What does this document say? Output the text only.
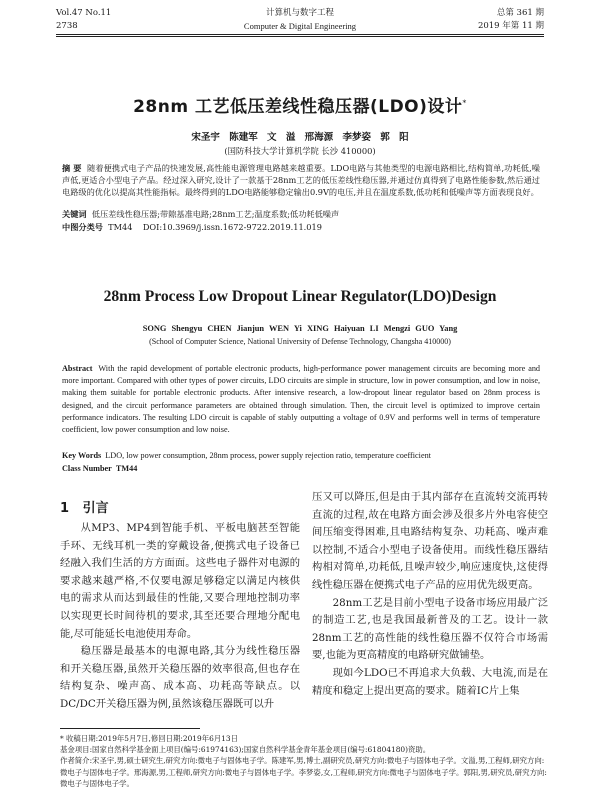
Vol.47 No.11
2738
计算机与数字工程
Computer & Digital Engineering
总第 361 期
2019 年第 11 期
28nm 工艺低压差线性稳压器(LDO)设计*
宋圣宇 陈建军 文 溢 邢海源 李梦姿 郭 阳
(国防科技大学计算机学院 长沙 410000)
摘 要 随着便携式电子产品的快速发展,高性能电源管理电路越来越重要。LDO电路与其他类型的电源电路相比,结构简单,功耗低,噪声低,更适合小型电子产品。经过深入研究,设计了一款基于28nm工艺的低压差线性稳压器,并通过仿真得到了电路性能参数,然后通过电路级的优化以提高其性能指标。最终得到的LDO电路能够稳定输出0.9V的电压,并且在温度系数,低功耗和低噪声等方面表现良好。
关键词 低压差线性稳压器;带隙基准电路;28nm工艺;温度系数;低功耗低噪声
中图分类号 TM44 DOI:10.3969/j.issn.1672-9722.2019.11.019
28nm Process Low Dropout Linear Regulator(LDO)Design
SONG Shengyu CHEN Jianjun WEN Yi XING Haiyuan LI Mengzi GUO Yang
(School of Computer Science, National University of Defense Technology, Changsha 410000)
Abstract With the rapid development of portable electronic products, high-performance power management circuits are becoming more and more important. Compared with other types of power circuits, LDO circuits are simple in structure, low in power consumption, and low in noise, making them suitable for portable electronic products. After intensive research, a low-dropout linear regulator based on 28nm process is designed, and the circuit performance parameters are obtained through simulation. Then, the circuit level is optimized to improve certain performance indicators. The resulting LDO circuit is capable of stably outputting a voltage of 0.9V and performs well in terms of temperature coefficient, low power consumption and low noise.
Key Words LDO, low power consumption, 28nm process, power supply rejection ratio, temperature coefficient
Class Number TM44
1 引言

从MP3、MP4到智能手机、平板电脑甚至智能手环、无线耳机一类的穿戴设备,便携式电子设备已经融入我们生活的方方面面。这些电子器件对电源的要求越来越严格,不仅要电源足够稳定以满足内核供电的需求从而达到最佳的性能,又要合理地控制功率以实现更长时间待机的要求,其至还要合理地分配电能,尽可能延长电池使用寿命。

稳压器是最基本的电源电路,其分为线性稳压器和开关稳压器,虽然开关稳压器的效率很高,但也存在结构复杂、噪声高、成本高、功耗高等缺点。以DC/DC开关稳压器为例,虽然该稳压器既可以升

压又可以降压,但是由于其内部存在直流转交流再转直流的过程,故在电路方面会涉及很多片外电容使空间压缩变得困难,且电路结构复杂、功耗高、噪声难以控制,不适合小型电子设备使用。而线性稳压器结构相对简单,功耗低,且噪声较少,响应速度快,这使得线性稳压器在便携式电子产品的应用优先级更高。

28nm工艺是目前小型电子设备市场应用最广泛的制造工艺,也是我国最新普及的工艺。设计一款28nm工艺的高性能的线性稳压器不仅符合市场需要,也能为更高精度的电路研究做铺垫。

现如今LDO已不再追求大负载、大电流,而是在精度和稳定上提出更高的要求。随着IC片上集

* 收稿日期:2019年5月7日,修回日期:2019年6月13日

基金项目:国家自然科学基金面上项目(编号:61974163);国家自然科学基金青年基金项目(编号:61804180)资助。

作者简介:宋圣宇,男,硕士研究生,研究方向:微电子与固体电子学。陈建军,男,博士,副研究员,研究方向:微电子与固体电子学。文溢,男,工程师,研究方向:微电子与固体电子学。邢海源,男,工程师,研究方向:微电子与固体电子学。李梦姿,女,工程师,研究方向:微电子与固体电子学。郭阳,男,研究员,研究方向:微电子与固体电子学。
